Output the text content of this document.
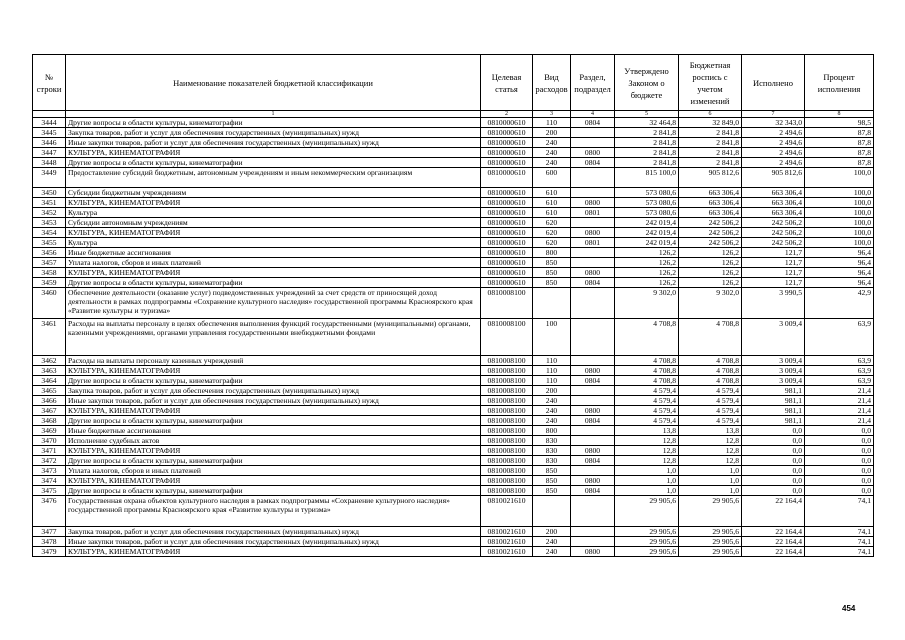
№ строки	Наименование показателей бюджетной классификации	Целевая статья	Вид расходов	Раздел, подраздел	Утверждено Законом о бюджете	Бюджетная роспись с учетом изменений	Исполнено	Процент исполнения
	1	2	3	4	5	6	7	8
3444	Другие вопросы в области культуры, кинематографии	0810000610	110	0804	32 464,8	32 849,0	32 343,0	98,5
3445	Закупка товаров, работ и услуг для обеспечения государственных (муниципальных) нужд	0810000610	200		2 841,8	2 841,8	2 494,6	87,8
3446	Иные закупки товаров, работ и услуг для обеспечения государственных (муниципальных) нужд	0810000610	240		2 841,8	2 841,8	2 494,6	87,8
3447	КУЛЬТУРА, КИНЕМАТОГРАФИЯ	0810000610	240	0800	2 841,8	2 841,8	2 494,6	87,8
3448	Другие вопросы в области культуры, кинематографии	0810000610	240	0804	2 841,8	2 841,8	2 494,6	87,8
3449	Предоставление субсидий бюджетным, автономным учреждениям и иным некоммерческим организациям	0810000610	600		815 100,0	905 812,6	905 812,6	100,0
3450	Субсидии бюджетным учреждениям	0810000610	610		573 080,6	663 306,4	663 306,4	100,0
3451	КУЛЬТУРА, КИНЕМАТОГРАФИЯ	0810000610	610	0800	573 080,6	663 306,4	663 306,4	100,0
3452	Культура	0810000610	610	0801	573 080,6	663 306,4	663 306,4	100,0
3453	Субсидии автономным учреждениям	0810000610	620		242 019,4	242 506,2	242 506,2	100,0
3454	КУЛЬТУРА, КИНЕМАТОГРАФИЯ	0810000610	620	0800	242 019,4	242 506,2	242 506,2	100,0
3455	Культура	0810000610	620	0801	242 019,4	242 506,2	242 506,2	100,0
3456	Иные бюджетные ассигнования	0810000610	800		126,2	126,2	121,7	96,4
3457	Уплата налогов, сборов и иных платежей	0810000610	850		126,2	126,2	121,7	96,4
3458	КУЛЬТУРА, КИНЕМАТОГРАФИЯ	0810000610	850	0800	126,2	126,2	121,7	96,4
3459	Другие вопросы в области культуры, кинематографии	0810000610	850	0804	126,2	126,2	121,7	96,4
3460	Обеспечение деятельности (оказание услуг) подведомственных учреждений за счет средств от приносящей доход деятельности в рамках подпрограммы «Сохранение культурного наследия» государственной программы Красноярского края «Развитие культуры и туризма»	0810008100			9 302,0	9 302,0	3 990,5	42,9
3461	Расходы на выплаты персоналу в целях обеспечения выполнения функций государственными (муниципальными) органами, казенными учреждениями, органами управления государственными внебюджетными фондами	0810008100	100		4 708,8	4 708,8	3 009,4	63,9
3462	Расходы на выплаты персоналу казенных учреждений	0810008100	110		4 708,8	4 708,8	3 009,4	63,9
3463	КУЛЬТУРА, КИНЕМАТОГРАФИЯ	0810008100	110	0800	4 708,8	4 708,8	3 009,4	63,9
3464	Другие вопросы в области культуры, кинематографии	0810008100	110	0804	4 708,8	4 708,8	3 009,4	63,9
3465	Закупка товаров, работ и услуг для обеспечения государственных (муниципальных) нужд	0810008100	200		4 579,4	4 579,4	981,1	21,4
3466	Иные закупки товаров, работ и услуг для обеспечения государственных (муниципальных) нужд	0810008100	240		4 579,4	4 579,4	981,1	21,4
3467	КУЛЬТУРА, КИНЕМАТОГРАФИЯ	0810008100	240	0800	4 579,4	4 579,4	981,1	21,4
3468	Другие вопросы в области культуры, кинематографии	0810008100	240	0804	4 579,4	4 579,4	981,1	21,4
3469	Иные бюджетные ассигнования	0810008100	800		13,8	13,8	0,0	0,0
3470	Исполнение судебных актов	0810008100	830		12,8	12,8	0,0	0,0
3471	КУЛЬТУРА, КИНЕМАТОГРАФИЯ	0810008100	830	0800	12,8	12,8	0,0	0,0
3472	Другие вопросы в области культуры, кинематографии	0810008100	830	0804	12,8	12,8	0,0	0,0
3473	Уплата налогов, сборов и иных платежей	0810008100	850		1,0	1,0	0,0	0,0
3474	КУЛЬТУРА, КИНЕМАТОГРАФИЯ	0810008100	850	0800	1,0	1,0	0,0	0,0
3475	Другие вопросы в области культуры, кинематографии	0810008100	850	0804	1,0	1,0	0,0	0,0
3476	Государственная охрана объектов культурного наследия в рамках подпрограммы «Сохранение культурного наследия» государственной программы Красноярского края «Развитие культуры и туризма»	0810021610			29 905,6	29 905,6	22 164,4	74,1
3477	Закупка товаров, работ и услуг для обеспечения государственных (муниципальных) нужд	0810021610	200		29 905,6	29 905,6	22 164,4	74,1
3478	Иные закупки товаров, работ и услуг для обеспечения государственных (муниципальных) нужд	0810021610	240		29 905,6	29 905,6	22 164,4	74,1
3479	КУЛЬТУРА, КИНЕМАТОГРАФИЯ	0810021610	240	0800	29 905,6	29 905,6	22 164,4	74,1
454
